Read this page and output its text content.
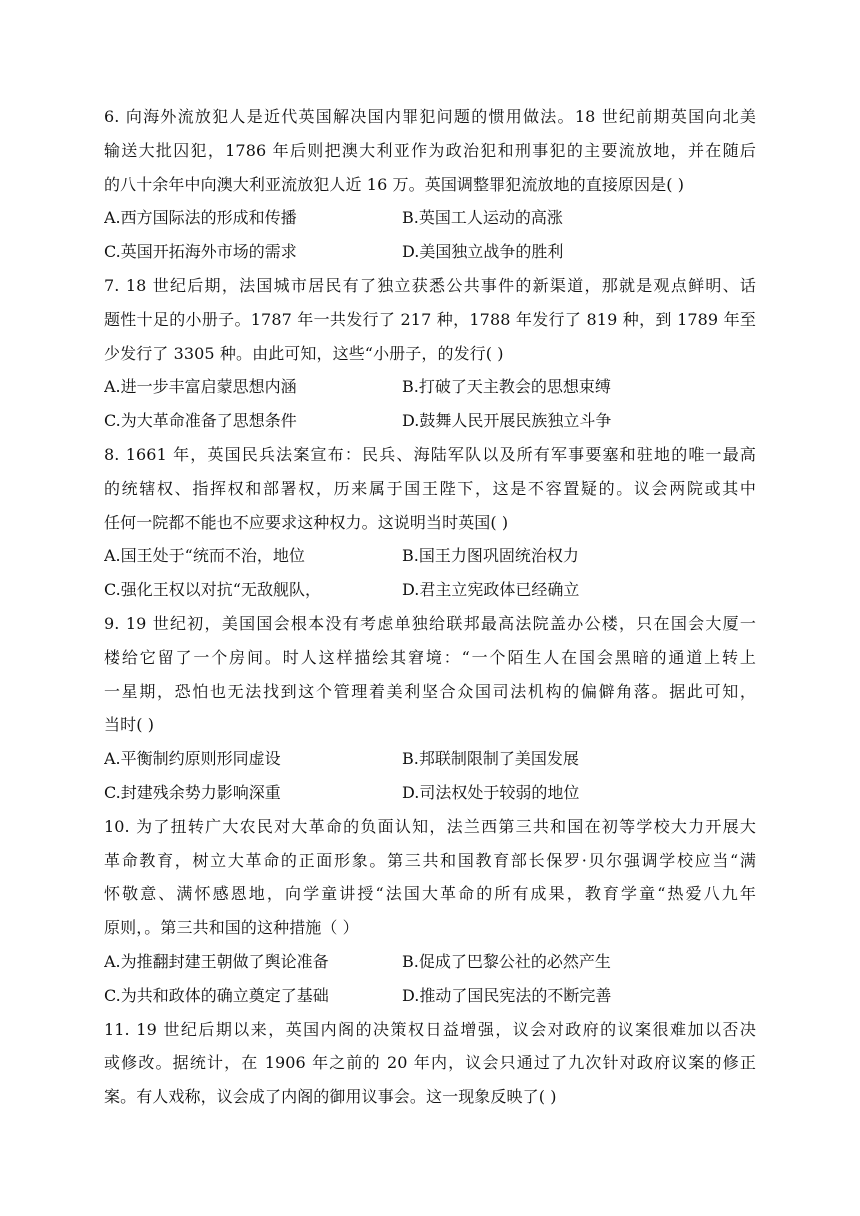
6. 向海外流放犯人是近代英国解决国内罪犯问题的惯用做法。18 世纪前期英国向北美
输送大批囚犯，1786 年后则把澳大利亚作为政治犯和刑事犯的主要流放地，并在随后
的八十余年中向澳大利亚流放犯人近 16 万。英国调整罪犯流放地的直接原因是( )
A.西方国际法的形成和传播	B.英国工人运动的高涨
C.英国开拓海外市场的需求	D.美国独立战争的胜利
7. 18 世纪后期，法国城市居民有了独立获悉公共事件的新渠道，那就是观点鲜明、话
题性十足的小册子。1787 年一共发行了 217 种，1788 年发行了 819 种，到 1789 年至
少发行了 3305 种。由此可知，这些“小册子，的发行( )
A.进一步丰富启蒙思想内涵	B.打破了天主教会的思想束缚
C.为大革命准备了思想条件	D.鼓舞人民开展民族独立斗争
8. 1661 年，英国民兵法案宣布：民兵、海陆军队以及所有军事要塞和驻地的唯一最高
的统辖权、指挥权和部署权，历来属于国王陛下，这是不容置疑的。议会两院或其中
任何一院都不能也不应要求这种权力。这说明当时英国( )
A.国王处于“统而不治，地位	B.国王力图巩固统治权力
C.强化王权以对抗“无敌舰队，	D.君主立宪政体已经确立
9. 19 世纪初，美国国会根本没有考虑单独给联邦最高法院盖办公楼，只在国会大厦一
楼给它留了一个房间。时人这样描绘其窘境：“一个陌生人在国会黑暗的通道上转上
一星期，恐怕也无法找到这个管理着美利坚合众国司法机构的偏僻角落。据此可知，
当时( )
A.平衡制约原则形同虚设	B.邦联制限制了美国发展
C.封建残余势力影响深重	D.司法权处于较弱的地位
10. 为了扭转广大农民对大革命的负面认知，法兰西第三共和国在初等学校大力开展大
革命教育，树立大革命的正面形象。第三共和国教育部长保罗·贝尔强调学校应当“满
怀敬意、满怀感恩地，向学童讲授“法国大革命的所有成果，教育学童“热爱八九年
原则，。第三共和国的这种措施（ ）
A.为推翻封建王朝做了舆论准备	B.促成了巴黎公社的必然产生
C.为共和政体的确立奠定了基础	D.推动了国民宪法的不断完善
11. 19 世纪后期以来，英国内阁的决策权日益增强，议会对政府的议案很难加以否决
或修改。据统计，在 1906 年之前的 20 年内，议会只通过了九次针对政府议案的修正
案。有人戏称，议会成了内阁的御用议事会。这一现象反映了( )
